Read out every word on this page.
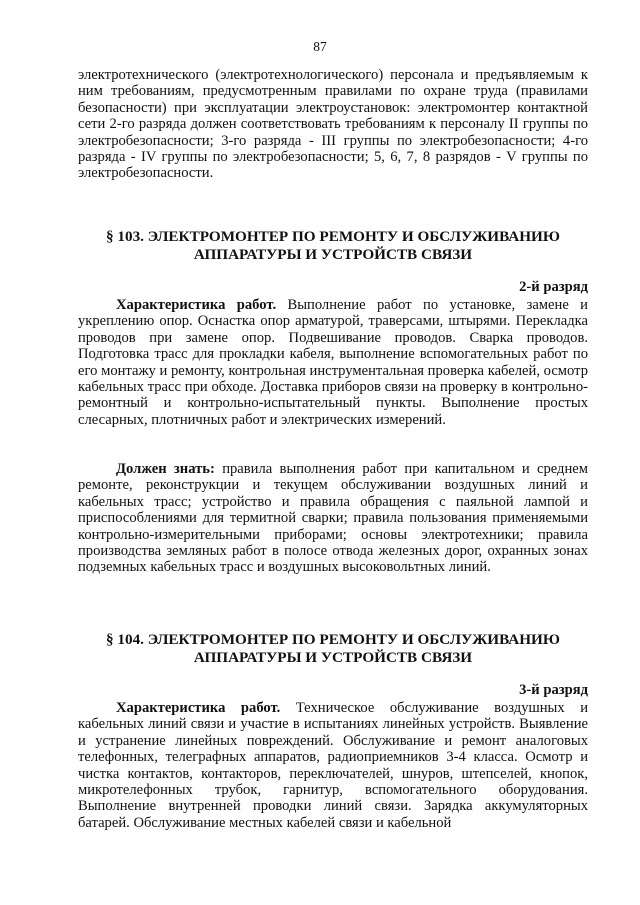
87

электротехнического (электротехнологического) персонала и предъявляемым к ним требованиям, предусмотренным правилами по охране труда (правилами безопасности) при эксплуатации электроустановок: электромонтер контактной сети 2-го разряда должен соответствовать требованиям к персоналу II группы по электробезопасности; 3-го разряда - III группы по электробезопасности; 4-го разряда - IV группы по электробезопасности; 5, 6, 7, 8 разрядов - V группы по электробезопасности.

§ 103. ЭЛЕКТРОМОНТЕР ПО РЕМОНТУ И ОБСЛУЖИВАНИЮ

АППАРАТУРЫ И УСТРОЙСТВ СВЯЗИ

2-й разряд

Характеристика работ. Выполнение работ по установке, замене и укреплению опор. Оснастка опор арматурой, траверсами, штырями. Перекладка проводов при замене опор. Подвешивание проводов. Сварка проводов. Подготовка трасс для прокладки кабеля, выполнение вспомогательных работ по его монтажу и ремонту, контрольная инструментальная проверка кабелей, осмотр кабельных трасс при обходе. Доставка приборов связи на проверку в контрольно-ремонтный и контрольно-испытательный пункты. Выполнение простых слесарных, плотничных работ и электрических измерений.

Должен знать: правила выполнения работ при капитальном и среднем ремонте, реконструкции и текущем обслуживании воздушных линий и кабельных трасс; устройство и правила обращения с паяльной лампой и приспособлениями для термитной сварки; правила пользования применяемыми контрольно-измерительными приборами; основы электротехники; правила производства земляных работ в полосе отвода железных дорог, охранных зонах подземных кабельных трасс и воздушных высоковольтных линий.

§ 104. ЭЛЕКТРОМОНТЕР ПО РЕМОНТУ И ОБСЛУЖИВАНИЮ

АППАРАТУРЫ И УСТРОЙСТВ СВЯЗИ

3-й разряд

Характеристика работ. Техническое обслуживание воздушных и кабельных линий связи и участие в испытаниях линейных устройств. Выявление и устранение линейных повреждений. Обслуживание и ремонт аналоговых телефонных, телеграфных аппаратов, радиоприемников 3-4 класса. Осмотр и чистка контактов, контакторов, переключателей, шнуров, штепселей, кнопок, микротелефонных трубок, гарнитур, вспомогательного оборудования. Выполнение внутренней проводки линий связи. Зарядка аккумуляторных батарей. Обслуживание местных кабелей связи и кабельной
